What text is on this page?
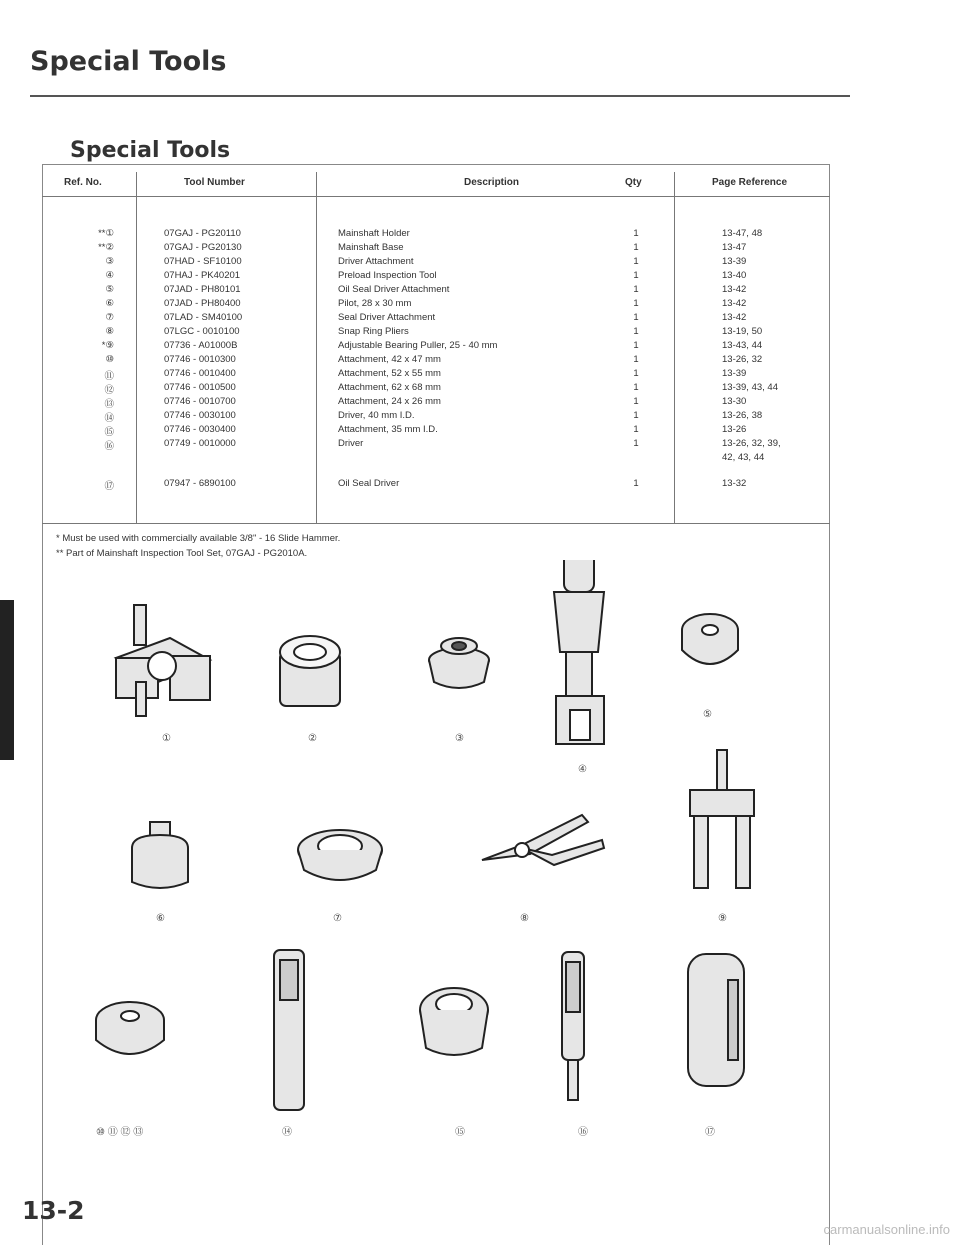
Special Tools
Special Tools
Ref. No.	Tool Number	Description	Qty	Page Reference
**①	07GAJ - PG20110	Mainshaft Holder	1	13-47, 48
**②	07GAJ - PG20130	Mainshaft Base	1	13-47
③	07HAD - SF10100	Driver Attachment	1	13-39
④	07HAJ - PK40201	Preload Inspection Tool	1	13-40
⑤	07JAD - PH80101	Oil Seal Driver Attachment	1	13-42
⑥	07JAD - PH80400	Pilot, 28 x 30 mm	1	13-42
⑦	07LAD - SM40100	Seal Driver Attachment	1	13-42
⑧	07LGC - 0010100	Snap Ring Pliers	1	13-19, 50
*⑨	07736 - A01000B	Adjustable Bearing Puller, 25 - 40 mm	1	13-43, 44
⑩	07746 - 0010300	Attachment, 42 x 47 mm	1	13-26, 32
⑪	07746 - 0010400	Attachment, 52 x 55 mm	1	13-39
⑫	07746 - 0010500	Attachment, 62 x 68 mm	1	13-39, 43, 44
⑬	07746 - 0010700	Attachment, 24 x 26 mm	1	13-30
⑭	07746 - 0030100	Driver, 40 mm I.D.	1	13-26, 38
⑮	07746 - 0030400	Attachment, 35 mm I.D.	1	13-26
⑯	07749 - 0010000	Driver	1	13-26, 32, 39,
42, 43, 44
⑰	07947 - 6890100	Oil Seal Driver	1	13-32
* Must be used with commercially available 3/8" - 16 Slide Hammer.
** Part of Mainshaft Inspection Tool Set, 07GAJ - PG2010A.
①	②	③
④
⑤
⑥	⑦	⑧	⑨
⑩ ⑪ ⑫ ⑬	⑭	⑮	⑯	⑰
13-2
carmanualsonline.info
